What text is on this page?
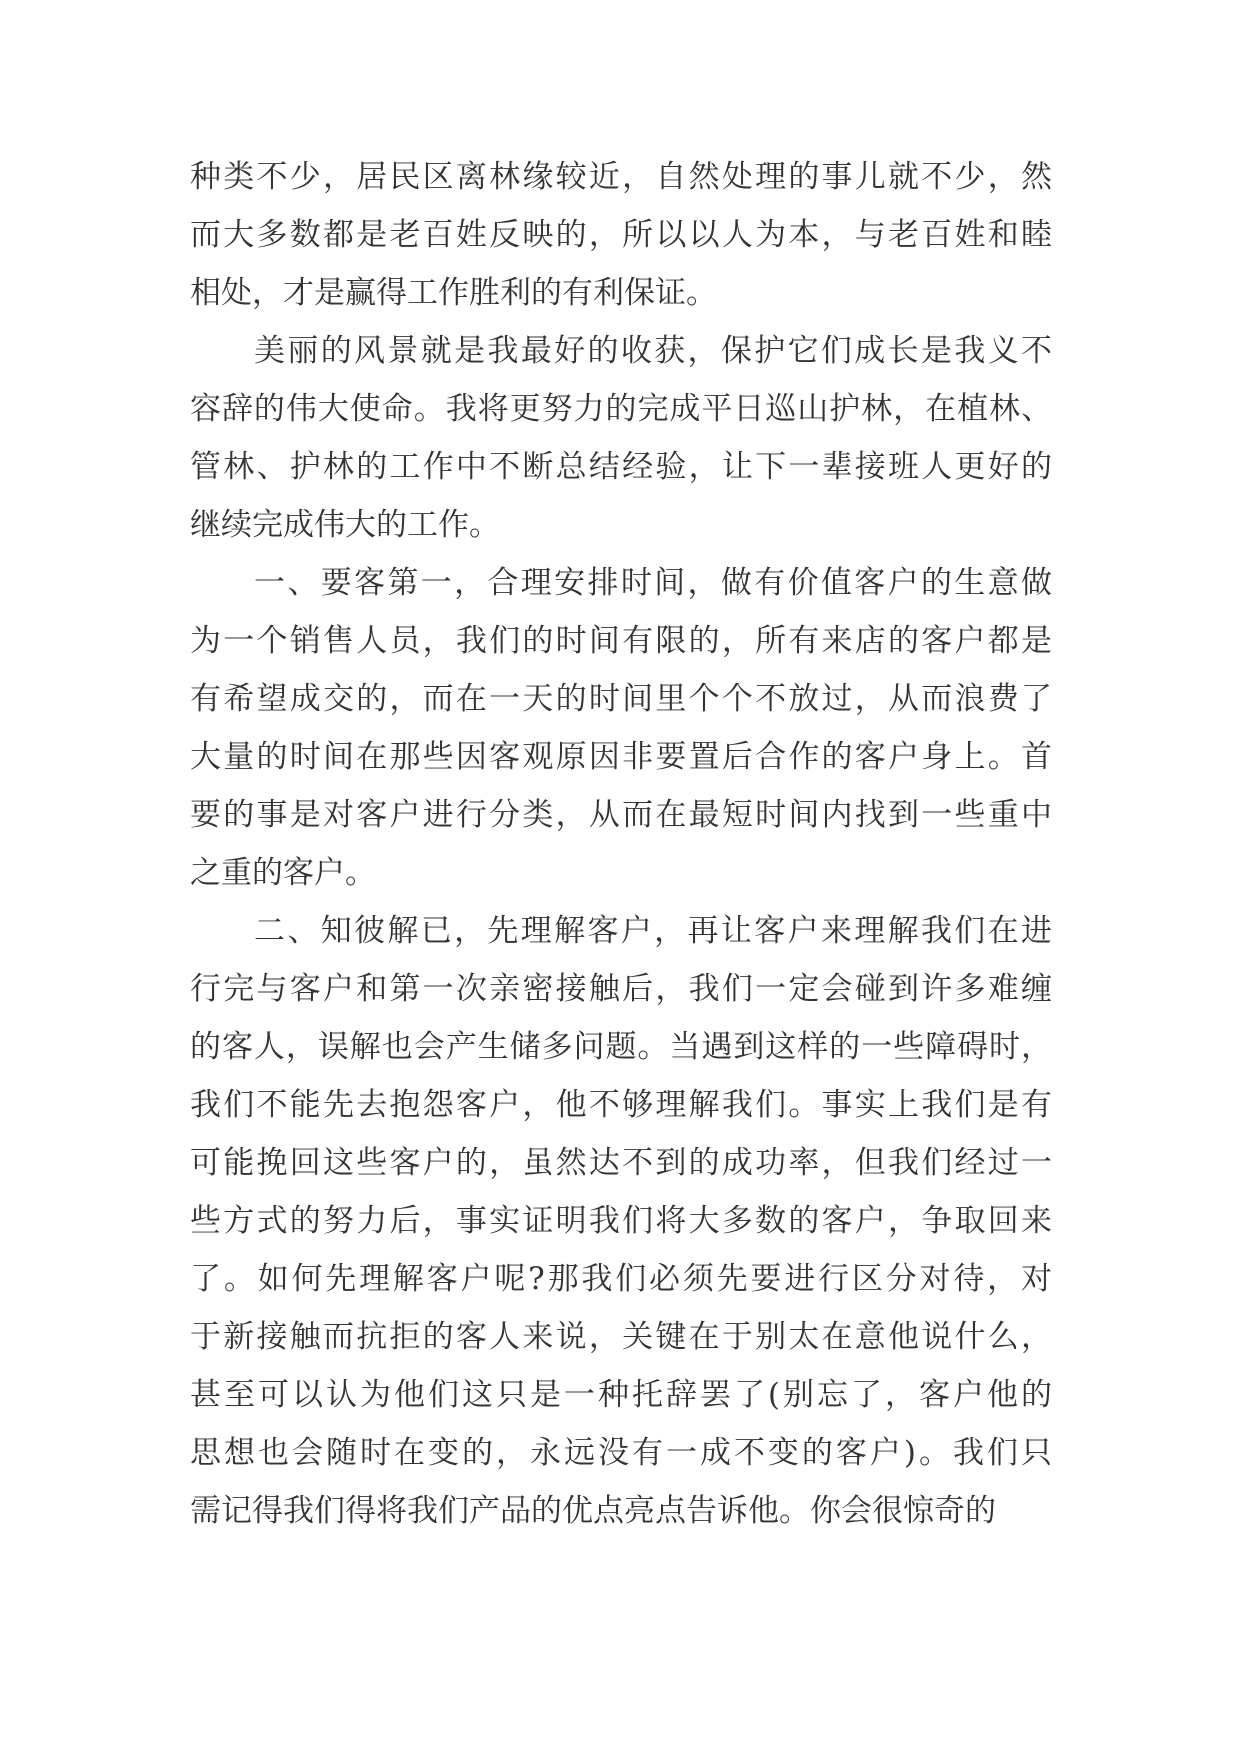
种类不少，居民区离林缘较近，自然处理的事儿就不少，然
而大多数都是老百姓反映的，所以以人为本，与老百姓和睦
相处，才是赢得工作胜利的有利保证。
美丽的风景就是我最好的收获，保护它们成长是我义不
容辞的伟大使命。我将更努力的完成平日巡山护林，在植林、
管林、护林的工作中不断总结经验，让下一辈接班人更好的
继续完成伟大的工作。
一、要客第一，合理安排时间，做有价值客户的生意做
为一个销售人员，我们的时间有限的，所有来店的客户都是
有希望成交的，而在一天的时间里个个不放过，从而浪费了
大量的时间在那些因客观原因非要置后合作的客户身上。首
要的事是对客户进行分类，从而在最短时间内找到一些重中
之重的客户。
二、知彼解已，先理解客户，再让客户来理解我们在进
行完与客户和第一次亲密接触后，我们一定会碰到许多难缠
的客人，误解也会产生储多问题。当遇到这样的一些障碍时，
我们不能先去抱怨客户，他不够理解我们。事实上我们是有
可能挽回这些客户的，虽然达不到的成功率，但我们经过一
些方式的努力后，事实证明我们将大多数的客户，争取回来
了。如何先理解客户呢?那我们必须先要进行区分对待，对
于新接触而抗拒的客人来说，关键在于别太在意他说什么，
甚至可以认为他们这只是一种托辞罢了(别忘了，客户他的
思想也会随时在变的，永远没有一成不变的客户)。我们只
需记得我们得将我们产品的优点亮点告诉他。你会很惊奇的
